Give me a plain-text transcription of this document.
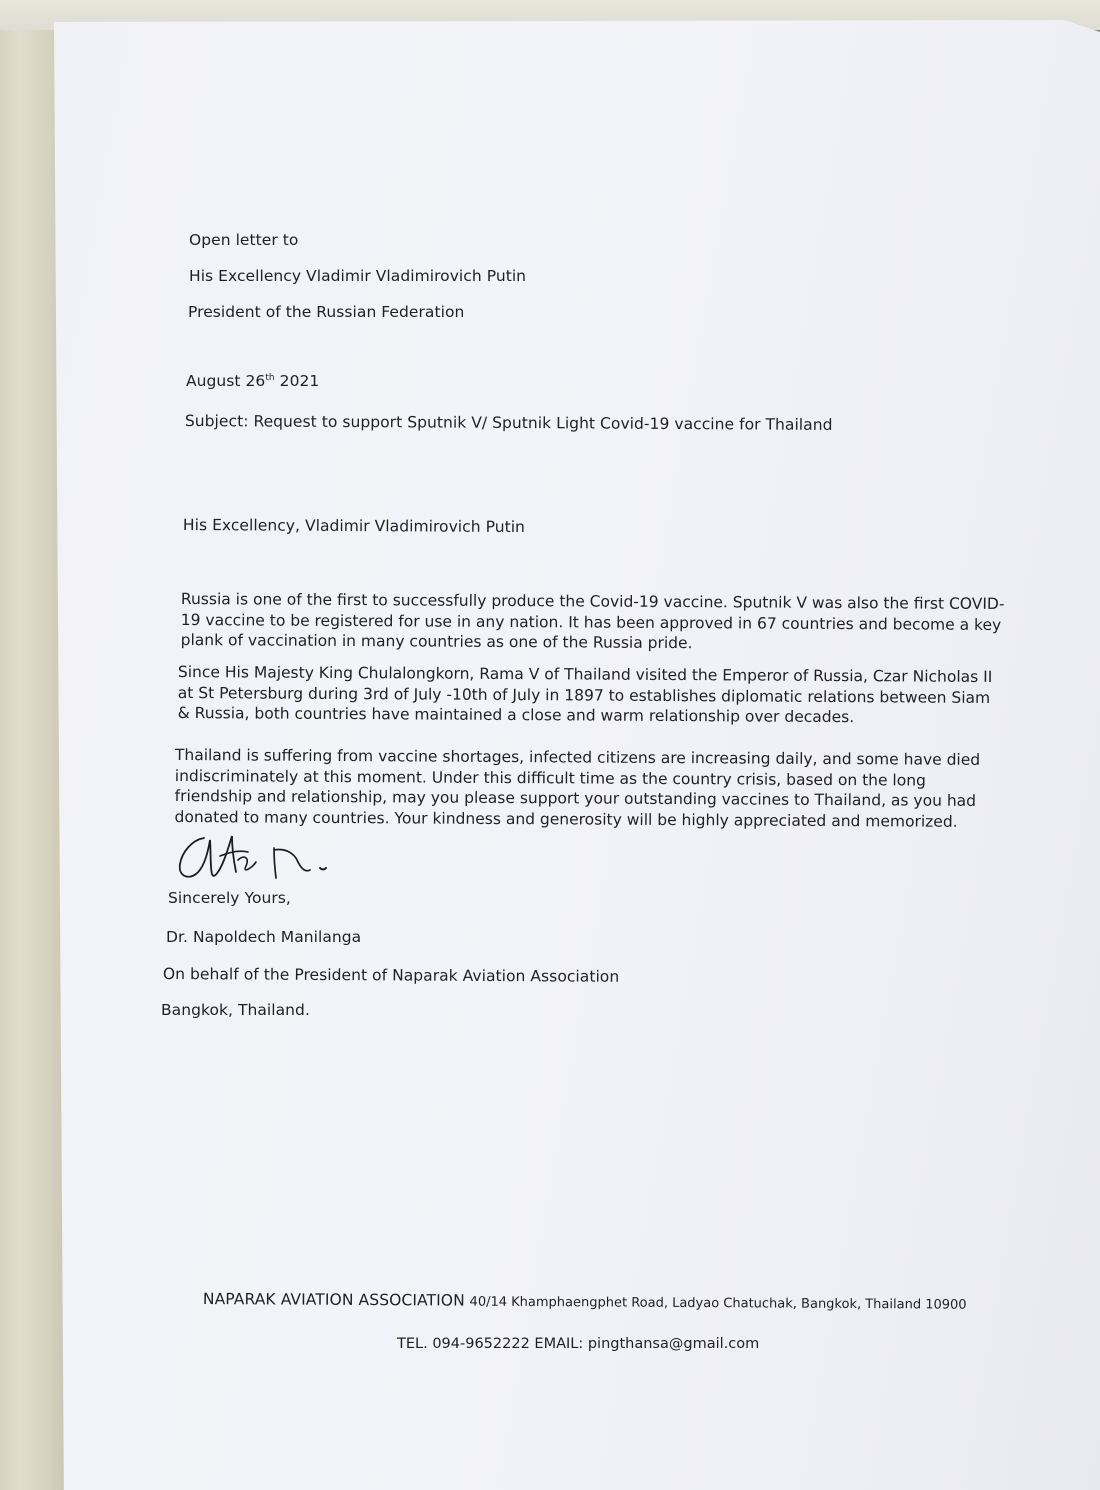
Open letter to
His Excellency Vladimir Vladimirovich Putin
President of the Russian Federation
August 26th 2021
Subject: Request to support Sputnik V/ Sputnik Light Covid-19 vaccine for Thailand
His Excellency, Vladimir Vladimirovich Putin
Russia is one of the first to successfully produce the Covid-19 vaccine. Sputnik V was also the first COVID-
19 vaccine to be registered for use in any nation. It has been approved in 67 countries and become a key
plank of vaccination in many countries as one of the Russia pride.
Since His Majesty King Chulalongkorn, Rama V of Thailand visited the Emperor of Russia, Czar Nicholas II
at St Petersburg during 3rd of July -10th of July in 1897 to establishes diplomatic relations between Siam
& Russia, both countries have maintained a close and warm relationship over decades.
Thailand is suffering from vaccine shortages, infected citizens are increasing daily, and some have died
indiscriminately at this moment. Under this difficult time as the country crisis, based on the long
friendship and relationship, may you please support your outstanding vaccines to Thailand, as you had
donated to many countries. Your kindness and generosity will be highly appreciated and memorized.
Sincerely Yours,
Dr. Napoldech Manilanga
On behalf of the President of Naparak Aviation Association
Bangkok, Thailand.
NAPARAK AVIATION ASSOCIATION 40/14 Khamphaengphet Road, Ladyao Chatuchak, Bangkok, Thailand 10900
TEL. 094-9652222 EMAIL: pingthansa@gmail.com
